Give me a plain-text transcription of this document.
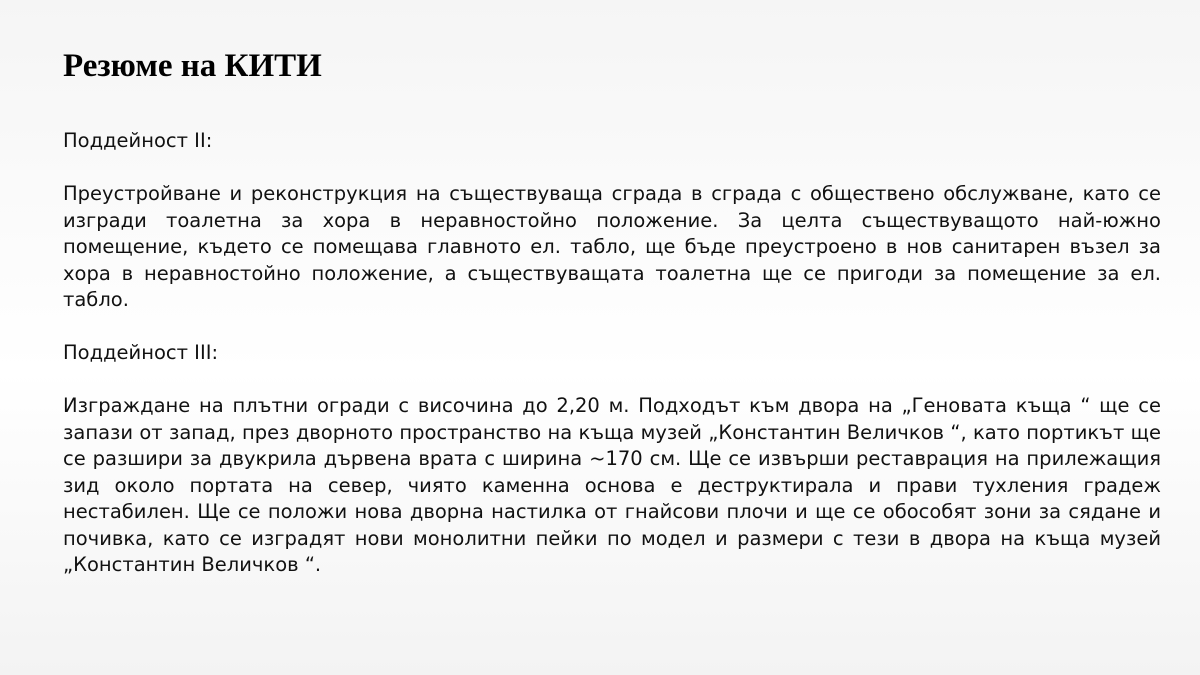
Резюме на КИТИ

Поддейност II:

Преустройване и реконструкция на съществуваща сграда в сграда с обществено обслужване, като се изгради тоалетна за хора в неравностойно положение. За целта съществуващото най-южно помещение, където се помещава главното ел. табло, ще бъде преустроено в нов санитарен възел за хора в неравностойно положение, а съществуващата тоалетна ще се пригоди за помещение за ел. табло.

Поддейност III:

Изграждане на плътни огради с височина до 2,20 м. Подходът към двора на „Геновата къща “ ще се запази от запад, през дворното пространство на къща музей „Константин Величков “, като портикът ще се разшири за двукрила дървена врата с ширина ~170 см. Ще се извърши реставрация на прилежащия зид около портата на север, чиято каменна основа е деструктирала и прави тухления градеж нестабилен. Ще се положи нова дворна настилка от гнайсови плочи и ще се обособят зони за сядане и почивка, като се изградят нови монолитни пейки по модел и размери с тези в двора на къща музей „Константин Величков “.
